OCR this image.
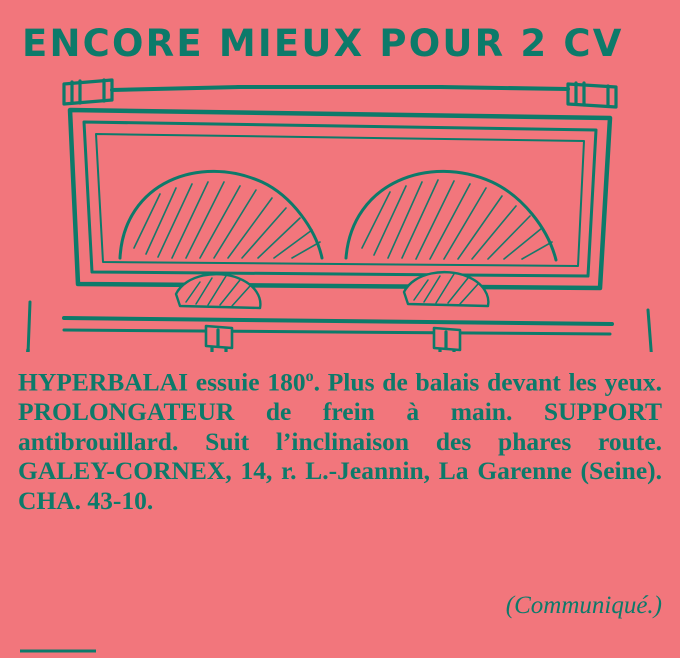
ENCORE MIEUX POUR 2 CV
HYPERBALAI essuie 180$^o$. Plus de balais devant les yeux. PROLONGATEUR de frein à main. SUPPORT antibrouillard. Suit l’inclinaison des phares route. GALEY-CORNEX, 14, r. L.-Jeannin, La Garenne (Seine). CHA. 43-10.
(Communiqué.)
